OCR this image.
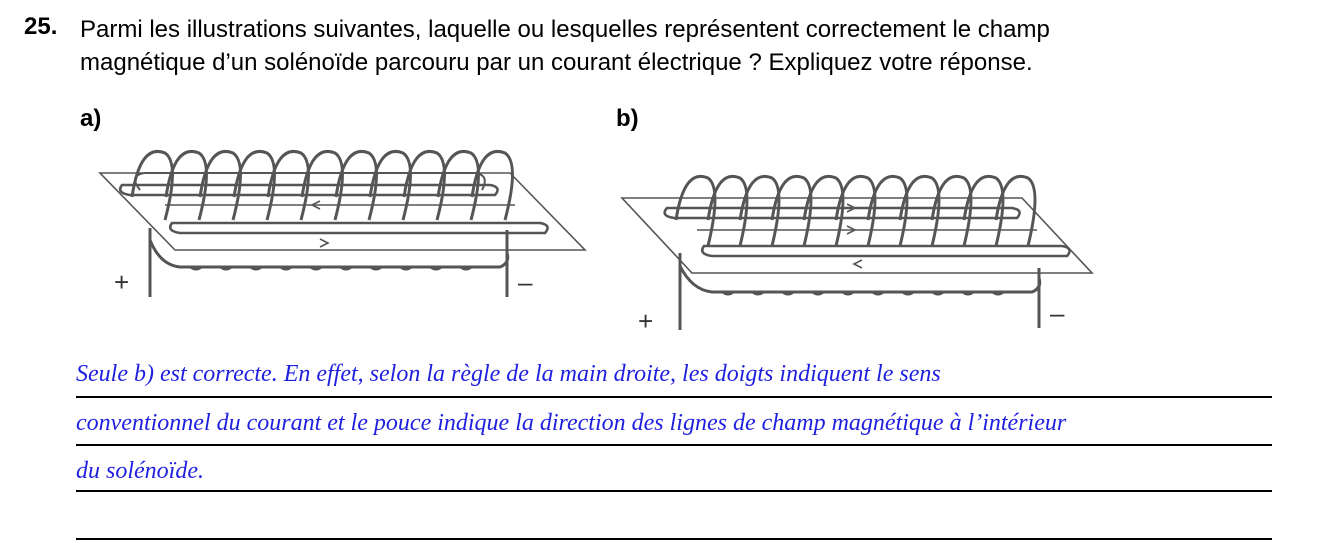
25. Parmi les illustrations suivantes, laquelle ou lesquelles représentent correctement le champ
magnétique d’un solénoïde parcouru par un courant électrique ? Expliquez votre réponse.
a)	b)
+	–
+	–
Seule b) est correcte. En effet, selon la règle de la main droite, les doigts indiquent le sens
conventionnel du courant et le pouce indique la direction des lignes de champ magnétique à l’intérieur
du solénoïde.
